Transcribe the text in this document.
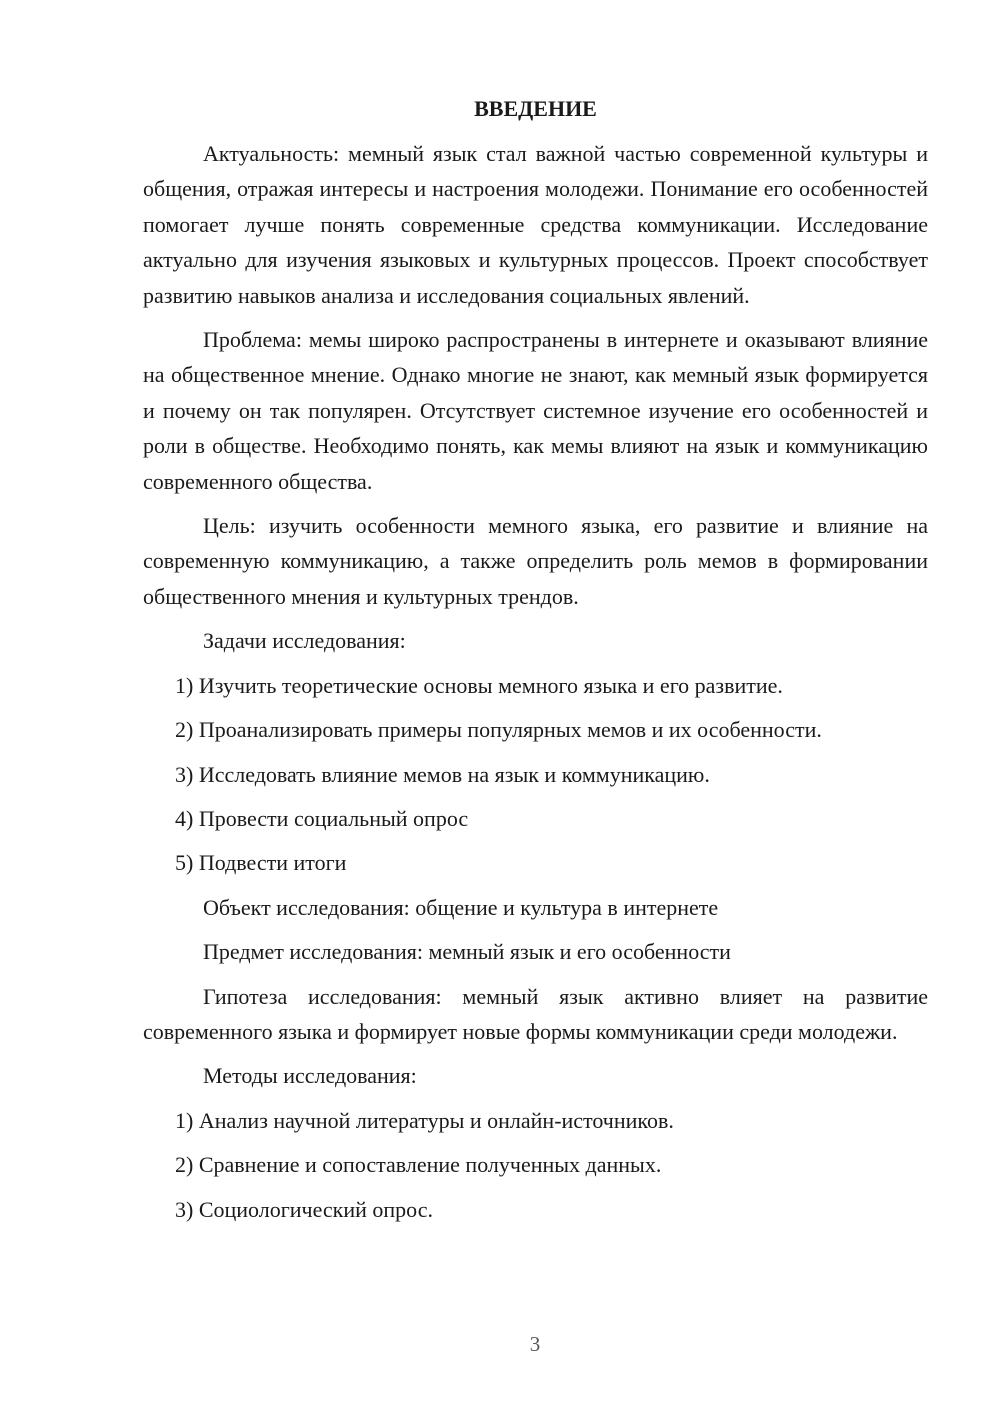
ВВЕДЕНИЕ

Актуальность: мемный язык стал важной частью современной культуры и общения, отражая интересы и настроения молодежи. Понимание его особенностей помогает лучше понять современные средства коммуникации. Исследование актуально для изучения языковых и культурных процессов. Проект способствует развитию навыков анализа и исследования социальных явлений.

Проблема: мемы широко распространены в интернете и оказывают влияние на общественное мнение. Однако многие не знают, как мемный язык формируется и почему он так популярен. Отсутствует системное изучение его особенностей и роли в обществе. Необходимо понять, как мемы влияют на язык и коммуникацию современного общества.

Цель: изучить особенности мемного языка, его развитие и влияние на современную коммуникацию, а также определить роль мемов в формировании общественного мнения и культурных трендов.

Задачи исследования:

1) Изучить теоретические основы мемного языка и его развитие.

2) Проанализировать примеры популярных мемов и их особенности.

3) Исследовать влияние мемов на язык и коммуникацию.

4) Провести социальный опрос

5) Подвести итоги

Объект исследования: общение и культура в интернете

Предмет исследования: мемный язык и его особенности

Гипотеза исследования: мемный язык активно влияет на развитие современного языка и формирует новые формы коммуникации среди молодежи.

Методы исследования:

1) Анализ научной литературы и онлайн-источников.

2) Сравнение и сопоставление полученных данных.

3) Социологический опрос.

3
